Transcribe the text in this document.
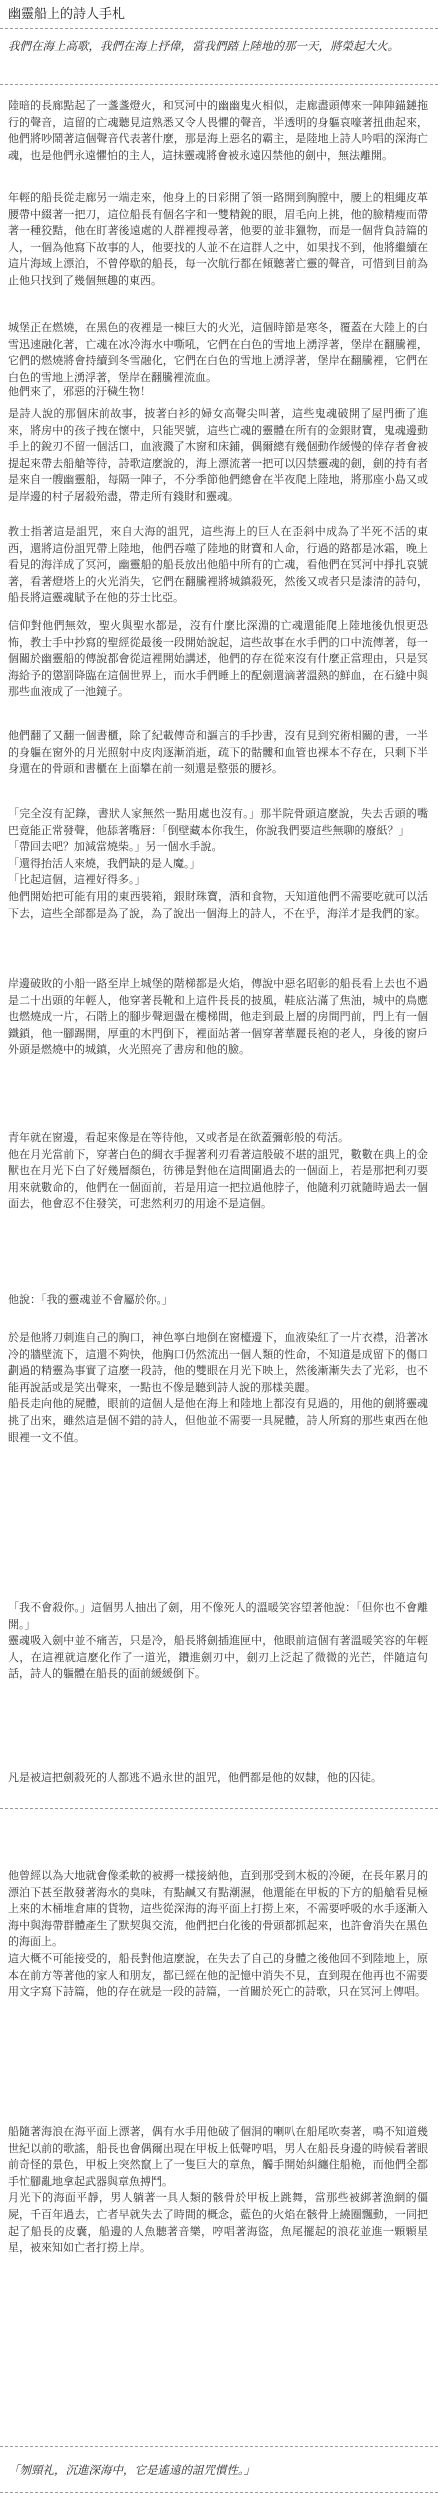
幽靈船上的詩人手札
我們在海上高歌，我們在海上抒偉，當我們踏上陸地的那一天，將榮起大火。

陸暗的長廊點起了一盞盞燈火，和冥河中的幽幽鬼火相似，走廊盡頭傳來一陣陣錨鏈拖行的聲音，這留的亡魂聽見這熟悉又令人畏懼的聲音，半透明的身軀哀嚎著扭曲起來，他們將吵鬧著這個聲音代表著什麼，那是海上惡名的霸主，是陸地上詩人吟唱的深海亡魂，也是他們永遠懼怕的主人，這抹靈魂將會被永遠囚禁他的劍中，無法離開。

年輕的船長從走廊另一端走來，他身上的日彩開了領一路開到胸膛中，腰上的粗繩皮革腰帶中綴著一把刀，這位船長有個名字和一雙精銳的眼，眉毛向上挑，他的臉精瘦而帶著一種狡黠，他在盯著後遠處的人群裡搜尋著，他要的並非獵物，而是一個背負詩篇的人，一個為他寫下故事的人，他要找的人並不在這群人之中，如果找不到，他將繼續在這片海域上漂泊，不曾停歇的船長，每一次航行都在傾聽著亡靈的聲音，可惜到目前為止他只找到了幾個無趣的東西。

城堡正在燃燒，在黑色的夜裡是一棟巨大的火光，這個時節是寒冬，覆蓋在大陸上的白雪迅速融化著，亡魂在冰冷海水中嘶吼，它們在白色的雪地上湧浮著，堡岸在翻騰裡，它們的燃燒將會持續到冬雪融化，它們在白色的雪地上湧浮著，堡岸在翻騰裡，它們在白色的雪地上湧浮著，堡岸在翻騰裡流血。

他們來了，邪惡的汙穢生物！

是詩人說的那個床前故事，披著白衫的婦女高聲尖叫著，這些鬼魂破開了屋門衝了進來，將房中的孩子拽在懷中，只能哭號，這些亡魂的靈體在所有的金銀財寶，鬼魂邊動手上的銳刃不留一個活口，血液濺了木窗和床鋪，偶爾總有幾個動作緩慢的倖存者會被提起來帶去船艙等待，詩歌這麼說的，海上漂流著一把可以囚禁靈魂的劍，劍的持有者是來自一艘幽靈船，每隔一陣子，不分季節他們總會在半夜爬上陸地，將那座小島又或是岸邊的村子屠殺殆盡，帶走所有錢財和靈魂。

教士指著這是詛咒，來自大海的詛咒，這些海上的巨人在歪斜中成為了半死不活的東西，還將這份詛咒帶上陸地，他們吞噬了陸地的財寶和人命，行過的路都是冰霜，晚上看見的海洋成了冥河，幽靈船的船長放出他船中所有的亡魂，看他們在冥河中掙扎哀號著，看著燈塔上的火光消失，它們在翻騰裡將城鎮殺死，然後又或者只是漆清的詩句，船長將這靈魂賦予在他的芬士比亞。

信仰對他們無效，聖火與聖水都是，沒有什麼比深淵的亡魂還能爬上陸地後仇恨更恐怖，教士手中抄寫的聖經從最後一段開始說起，這些故事在水手們的口中流傳著，每一個關於幽靈船的傳說都會從這裡開始講述，他們的存在從來沒有什麼正當理由，只是冥海給予的懲罰降臨在這個世界上，而水手們睡上的配劍還滴著溫熱的鮮血，在石縫中與那些血液成了一池鏡子。

他們翻了又翻一個書櫃，除了紀載傳奇和謳言的手抄書，沒有見到究術相關的書，一半的身軀在窗外的月光照射中皮肉逐漸消逝，疏下的骷髏和血管也裸本不存在，只剩下半身還在的骨頭和書櫃在上面攀在前一刻還是整張的腰衫。

「完全沒有記錄，書狀人家無然一點用處也沒有。」那半院骨頭這麼說，失去舌頭的嘴巴竟能正常發聲，他舔著嘴唇：「倒壁藏本你我生，你說我們要這些無聊的廢紙？」
「帶回去吧？加減當燒柴。」另一個水手說。
「還得抬活人來燒，我們缺的是人魔。」
「比起這個，這裡好得多。」
他們開始把可能有用的東西裝箱，銀財珠寶，酒和食物，天知道他們不需要吃就可以活下去，這些全部都是為了說，為了說出一個海上的詩人，不在乎，海洋才是我們的家。

岸邊破敗的小船一路至岸上城堡的階梯都是火焰，傳說中惡名昭彰的船長看上去也不過是二十出頭的年輕人，他穿著長靴和上這件長長的披風，鞋底沾滿了焦油，城中的鳥應也燃燒成一片，石階上的腳步聲迴盪在樓梯間，他走到最上層的房間門前，門上有一個鐵鎖，他一腳踢開，厚重的木門倒下，裡面站著一個穿著華麗長袍的老人，身後的窗戶外頭是燃燒中的城鎮，火光照亮了書房和他的臉。

青年就在窗邊，看起來像是在等待他，又或者是在欲蓋彌彰般的苟活。
他在月光當前下，穿著白色的綢衣手握著利刃看著這般破不堪的詛咒，數數在典上的金獸也在月光下白了好幾層顏色，彷彿是對他在這間圍過去的一個面上，若是那把利刃要用來就數命的，他們在一個面前，若是用這一把拉過他脖子，他隨利刃就隨時過去一個面去，他會忍不住發笑，可悲然利刃的用途不是這個。

他說：「我的靈魂並不會屬於你。」

於是他將刀刺進自己的胸口，神色寧白地倒在窗檯邊下，血液染紅了一片衣襟，沿著冰冷的牆壁流下，這還不夠快，他胸口仍然流出一個人類的性命，不知道是成留下的傷口劃過的精靈為事實了這麼一段詩，他的雙眼在月光下映上，然後漸漸失去了光彩，也不能再說話或是笑出聲來，一點也不像是聽到詩人說的那樣美麗。
船長走向他的屍體，眼前的這個人是他在海上和陸地上都沒有見過的，用他的劍將靈魂挑了出來，雖然這是個不錯的詩人，但他並不需要一具屍體，詩人所寫的那些東西在他眼裡一文不值。

「我不會殺你。」這個男人抽出了劍，用不像死人的溫暖笑容望著他說：「但你也不會離開。」
靈魂吸入劍中並不痛苦，只是冷，船長將劍插進匣中，他眼前這個有著溫暖笑容的年輕人，在這裡就這麼化作了一道光，鑽進劍刃中，劍刃上泛起了微微的光芒，伴隨這句話，詩人的軀體在船長的面前緩緩倒下。

凡是被這把劍殺死的人都逃不過永世的詛咒，他們都是他的奴隸，他的囚徒。

他曾經以為大地就會像柔軟的被褥一樣接納他，直到那受到木板的冷硬，在長年累月的漂泊下甚至散發著海水的臭味，有點鹹又有點潮濕，他還能在甲板的下方的船艙看見極上來的木桶堆倉庫的貨物，這些從深海的海平面上打撈上來，不需要呼吸的水手逐漸入海中與海帶群體產生了默契與交流，他們把白化後的骨頭都抓起來，也許會消失在黑色的海面上。
這大概不可能接受的，船長對他這麼說，在失去了自己的身體之後他回不到陸地上，原本在前方等著他的家人和朋友，都已經在他的記憶中消失不見，直到現在他再也不需要用文字寫下詩篇，他的存在就是一段的詩篇，一首關於死亡的詩歌，只在冥河上傳唱。

船隨著海浪在海平面上漂著，偶有水手用他破了個洞的喇叭在船尾吹奏著，鳴不知道幾世紀以前的歌謠，船長也會偶爾出現在甲板上低聲哼唱，男人在船長身邊的時候看著眼前奇怪的景色，甲板上突然竄上了一隻巨大的章魚，觸手開始糾纏住船桅，而他們全都手忙腳亂地拿起武器與章魚搏鬥。
月光下的海面平靜，男人躺著一具人類的骸骨於甲板上跳舞，當那些被綁著漁網的僵屍，千百年過去，亡者早就失去了時間的概念，藍色的火焰在骸骨上繞圈飄動，一同把起了船長的皮囊，船邊的人魚聽著音樂，哼唱著海盜，魚尾擺起的浪花並進一顆顆星星，被來知如亡者打撈上岸。

「刎頸礼，沉進深海中，它是遙遠的詛咒慣性。」
